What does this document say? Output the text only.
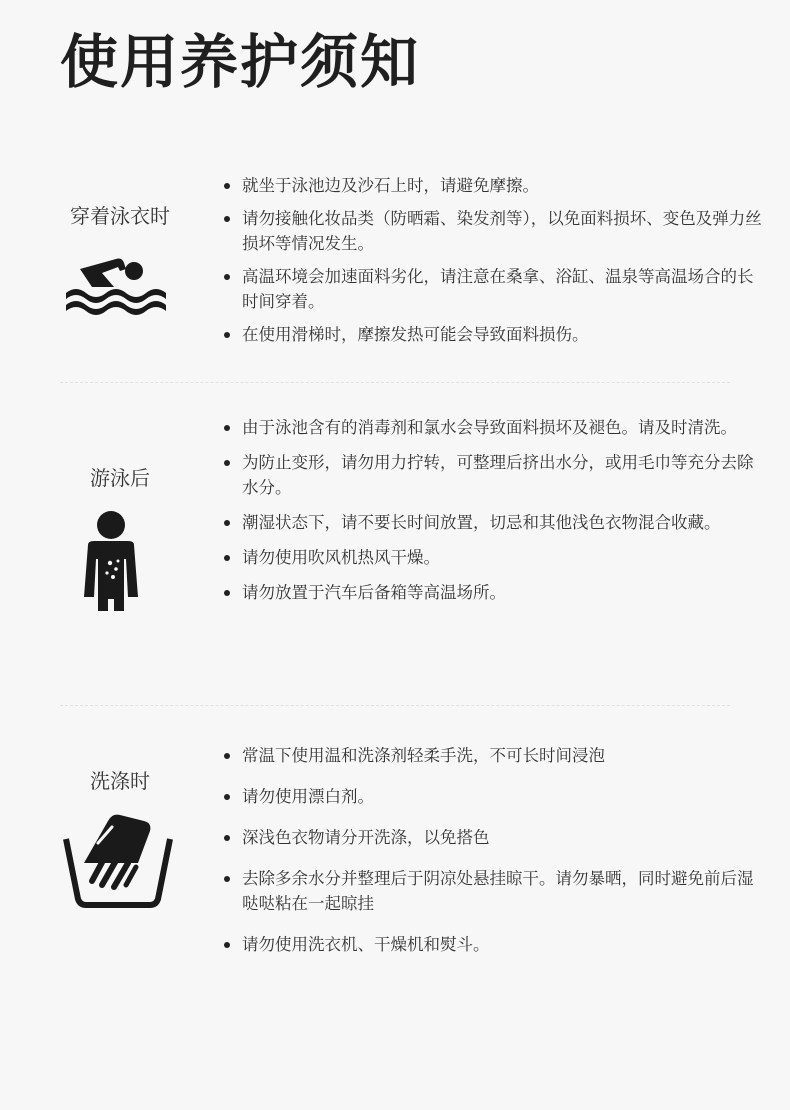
使用养护须知
穿着泳衣时
就坐于泳池边及沙石上时，请避免摩擦。
请勿接触化妆品类（防晒霜、染发剂等），以免面料损坏、变色及弹力丝损坏等情况发生。
高温环境会加速面料劣化，请注意在桑拿、浴缸、温泉等高温场合的长时间穿着。
在使用滑梯时，摩擦发热可能会导致面料损伤。
游泳后
由于泳池含有的消毒剂和氯水会导致面料损坏及褪色。请及时清洗。
为防止变形，请勿用力拧转，可整理后挤出水分，或用毛巾等充分去除水分。
潮湿状态下，请不要长时间放置，切忌和其他浅色衣物混合收藏。
请勿使用吹风机热风干燥。
请勿放置于汽车后备箱等高温场所。
洗涤时
常温下使用温和洗涤剂轻柔手洗，不可长时间浸泡
请勿使用漂白剂。
深浅色衣物请分开洗涤，以免搭色
去除多余水分并整理后于阴凉处悬挂晾干。请勿暴晒，同时避免前后湿哒哒粘在一起晾挂
请勿使用洗衣机、干燥机和熨斗。
